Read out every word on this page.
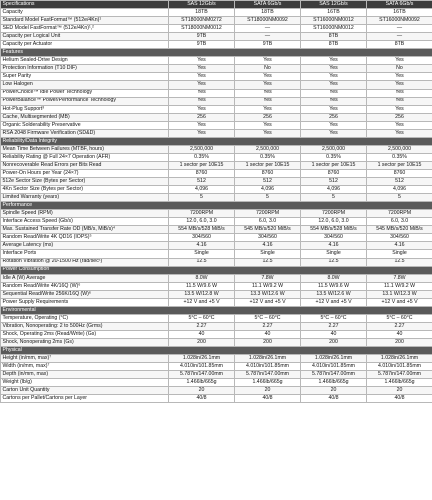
Specifications	SAS 12Gb/s	SATA 6Gb/s	SAS 12Gb/s	SATA 6Gb/s
Capacity	18TB	18TB	16TB	16TB
Standard Model FastFormat™ (512e/4Kn)¹	ST18000NM0272	ST18000NM0092	ST16000NM0012	ST16000NM0092
SED Model FastFormat™ (512e/4Kn)¹,²	ST18000NM0012	—	ST16000NM0012	—
Capacity per Logical Unit	9TB	—	8TB	—
Capacity per Actuator	9TB	9TB	8TB	8TB
Features				
Helium Sealed-Drive Design	Yes	Yes	Yes	Yes
Protection Information (T10 DIF)	Yes	No	Yes	No
Super Parity	Yes	Yes	Yes	Yes
Low Halogen	Yes	Yes	Yes	Yes
PowerChoice™ Idle Power Technology	Yes	Yes	Yes	Yes
PowerBalance™ Power/Performance Technology	Yes	Yes	Yes	Yes
Hot-Plug Support³	Yes	Yes	Yes	Yes
Cache, Multisegmented (MB)	256	256	256	256
Organic Solderability Preservative	Yes	Yes	Yes	Yes
RSA 2048 Firmware Verification (SD&D)	Yes	Yes	Yes	Yes
Reliability/Data Integrity				
Mean Time Between Failures (MTBF, hours)	2,500,000	2,500,000	2,500,000	2,500,000
Reliability Rating @ Full 24×7 Operation (AFR)	0.35%	0.35%	0.35%	0.35%
Nonrecoverable Read Errors per Bits Read	1 sector per 10E15	1 sector per 10E15	1 sector per 10E15	1 sector per 10E15
Power-On Hours per Year (24×7)	8760	8760	8760	8760
512e Sector Size (Bytes per Sector)	512	512	512	512
4Kn Sector Size (Bytes per Sector)	4,096	4,096	4,096	4,096
Limited Warranty (years)	5	5	5	5
Performance				
Spindle Speed (RPM)	7200RPM	7200RPM	7200RPM	7200RPM
Interface Access Speed (Gb/s)	12.0, 6.0, 3.0	6.0, 3.0	12.0, 6.0, 3.0	6.0, 3.0
Max. Sustained Transfer Rate OD (MB/s, MiB/s)⁴	554 MB/s/528 MiB/s	545 MB/s/520 MiB/s	554 MB/s/528 MiB/s	545 MB/s/520 MiB/s
Random Read/Write 4K QD16 (IOPS)⁵	304/560	304/560	304/560	304/560
Average Latency (ms)	4.16	4.16	4.16	4.16
Interface Ports	Single	Single	Single	Single
Rotation Vibration @ 20-1500 Hz (rad/sec²)	12.5	12.5	12.5	12.5
Power Consumption				
Idle A (W) Average	8.0W	7.8W	8.0W	7.8W
Random Read/Write 4K/16Q (W)⁶	11.5 W/9.6 W	11.1 W/9.2 W	11.5 W/9.6 W	11.1 W/9.2 W
Sequential Read/Write 256K/16Q (W)⁶	13.5 W/12.8 W	13.3 W/12.6 W	13.5 W/12.6 W	13.1 W/12.3 W
Power Supply Requirements	+12 V and +5 V	+12 V and +5 V	+12 V and +5 V	+12 V and +5 V
Environmental				
Temperature, Operating (°C)	5°C – 60°C	5°C – 60°C	5°C – 60°C	5°C – 60°C
Vibration, Nonoperating: 2 to 500Hz (Grms)	2.27	2.27	2.27	2.27
Shock, Operating 2ms (Read/Write) (Gs)	40	40	40	40
Shock, Nonoperating 2ms (Gs)	200	200	200	200
Physical				
Height (in/mm, max)⁷	1.028in/26.1mm	1.028in/26.1mm	1.028in/26.1mm	1.028in/26.1mm
Width (in/mm, max)⁷	4.010in/101.85mm	4.010in/101.85mm	4.010in/101.85mm	4.010in/101.85mm
Depth (in/mm, max)	5.787in/147.00mm	5.787in/147.00mm	5.787in/147.00mm	5.787in/147.00mm
Weight (lb/g)	1.466lb/665g	1.466lb/665g	1.466lb/665g	1.466lb/665g
Carton Unit Quantity	20	20	20	20
Cartons per Pallet/Cartons per Layer	40/8	40/8	40/8	40/8
